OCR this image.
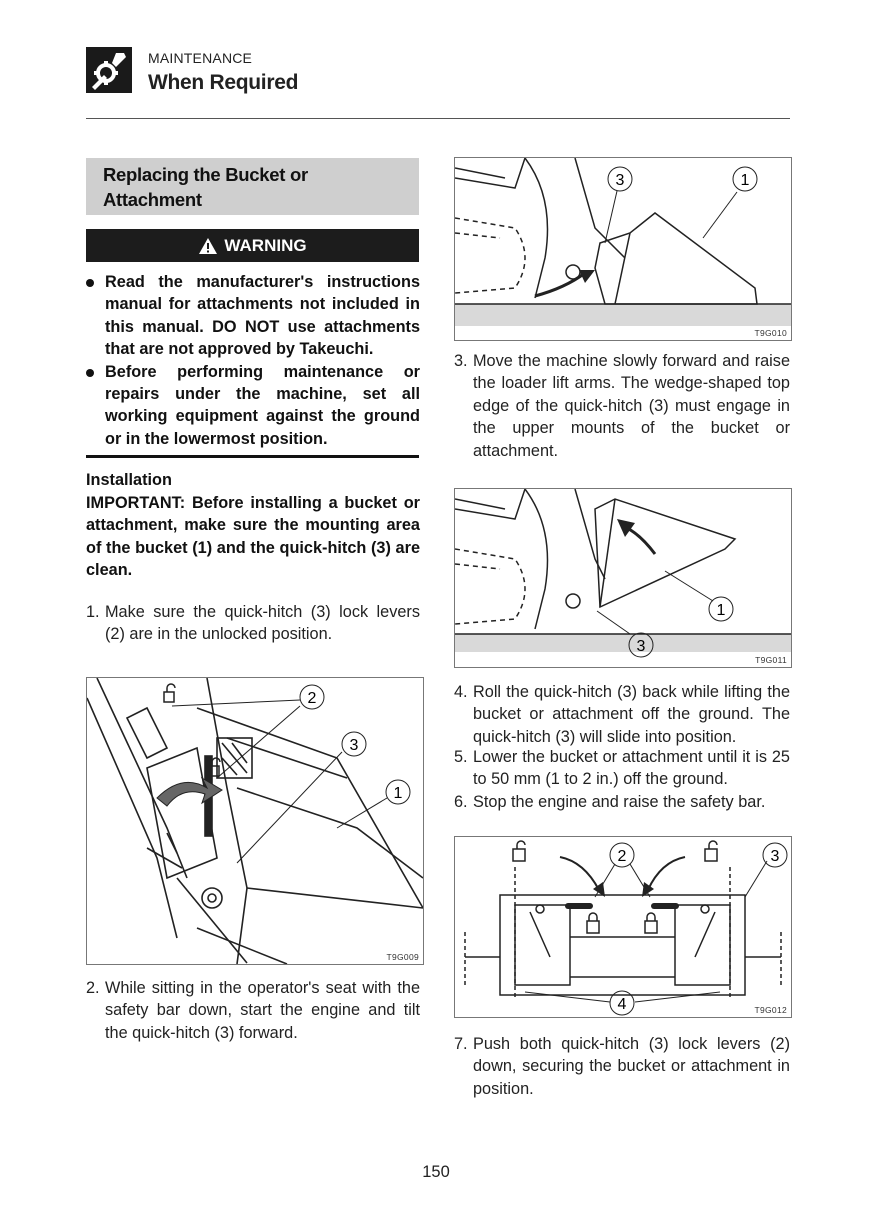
MAINTENANCE
When Required
Replacing the Bucket or Attachment
WARNING
Read the manufacturer's instructions manual for attachments not included in this manual. DO NOT use attachments that are not approved by Takeuchi.
Before performing maintenance or repairs under the machine, set all working equipment against the ground or in the lowermost position.
Installation
IMPORTANT: Before installing a bucket or attachment, make sure the mounting area of the bucket (1) and the quick-hitch (3) are clean.
1. Make sure the quick-hitch (3) lock levers (2) are in the unlocked position.
2
3
1
T9G009
2. While sitting in the operator's seat with the safety bar down, start the engine and tilt the quick-hitch (3) forward.
3	1
T9G010
3. Move the machine slowly forward and raise the loader lift arms. The wedge-shaped top edge of the quick-hitch (3) must engage in the upper mounts of the bucket or attachment.
1
3
T9G011
4. Roll the quick-hitch (3) back while lifting the bucket or attachment off the ground. The quick-hitch (3) will slide into position.
5. Lower the bucket or attachment until it is 25 to 50 mm (1 to 2 in.) off the ground.
6. Stop the engine and raise the safety bar.
2	3
4	T9G012
7. Push both quick-hitch (3) lock levers (2) down, securing the bucket or attachment in position.
150
